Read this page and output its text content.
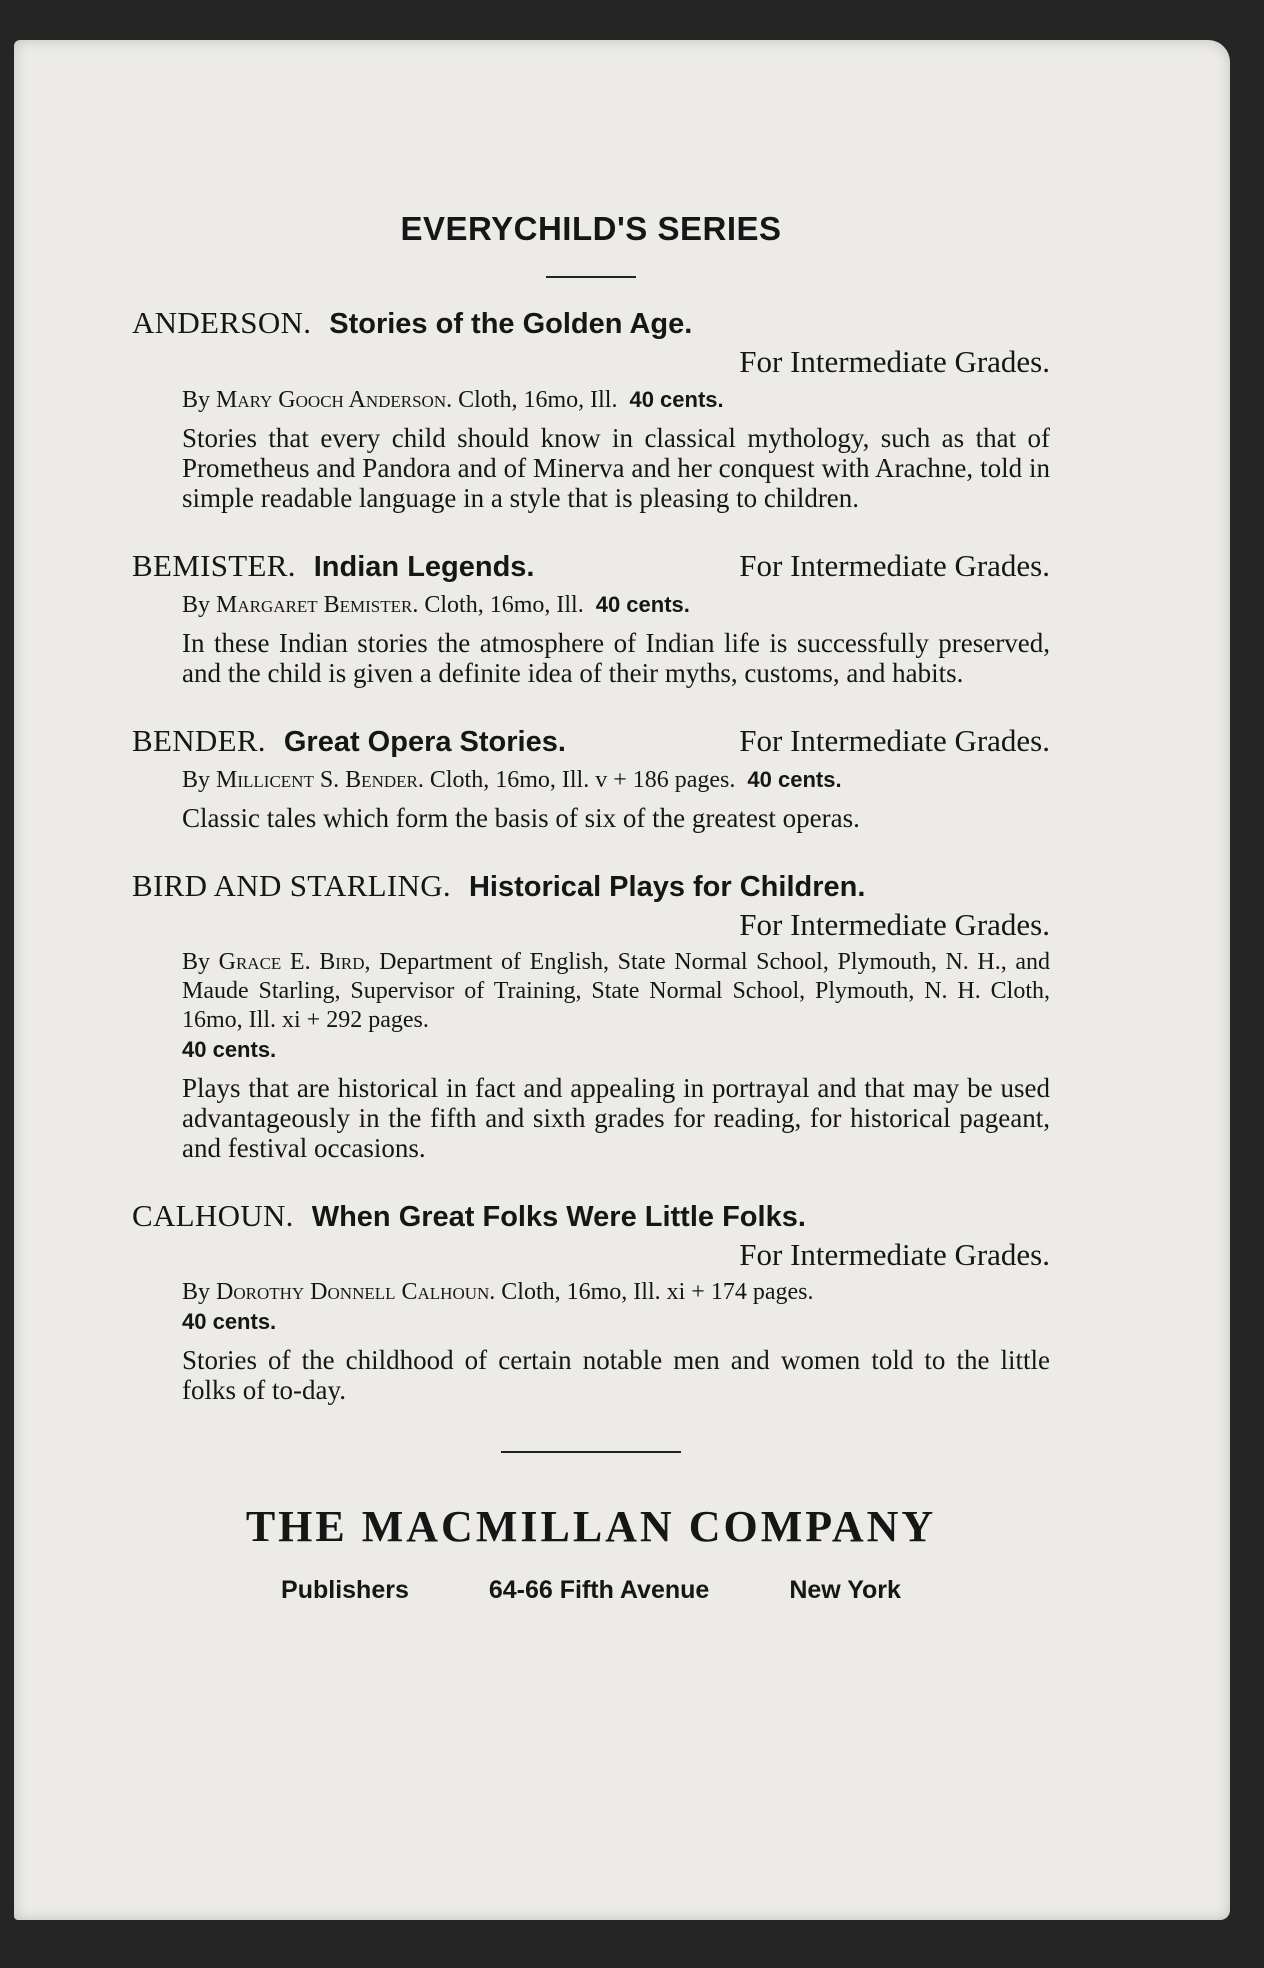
EVERYCHILD'S SERIES
ANDERSON. Stories of the Golden Age.
For Intermediate Grades.
By Mary Gooch Anderson. Cloth, 16mo, Ill. 40 cents.
Stories that every child should know in classical mythology, such as that of Prometheus and Pandora and of Minerva and her conquest with Arachne, told in simple readable language in a style that is pleasing to children.
For Intermediate Grades.
BEMISTER. Indian Legends.
By Margaret Bemister. Cloth, 16mo, Ill. 40 cents.
In these Indian stories the atmosphere of Indian life is successfully preserved, and the child is given a definite idea of their myths, customs, and habits.
For Intermediate Grades.
BENDER. Great Opera Stories.
By Millicent S. Bender. Cloth, 16mo, Ill. v + 186 pages. 40 cents.
Classic tales which form the basis of six of the greatest operas.
BIRD AND STARLING. Historical Plays for Children.
For Intermediate Grades.
By Grace E. Bird, Department of English, State Normal School, Plymouth, N. H., and Maude Starling, Supervisor of Training, State Normal School, Plymouth, N. H. Cloth, 16mo, Ill. xi + 292 pages.
40 cents.
Plays that are historical in fact and appealing in portrayal and that may be used advantageously in the fifth and sixth grades for reading, for historical pageant, and festival occasions.
CALHOUN. When Great Folks Were Little Folks.
For Intermediate Grades.
By Dorothy Donnell Calhoun. Cloth, 16mo, Ill. xi + 174 pages.
40 cents.
Stories of the childhood of certain notable men and women told to the little folks of to-day.
THE MACMILLAN COMPANY
Publishers	64-66 Fifth Avenue	New York
